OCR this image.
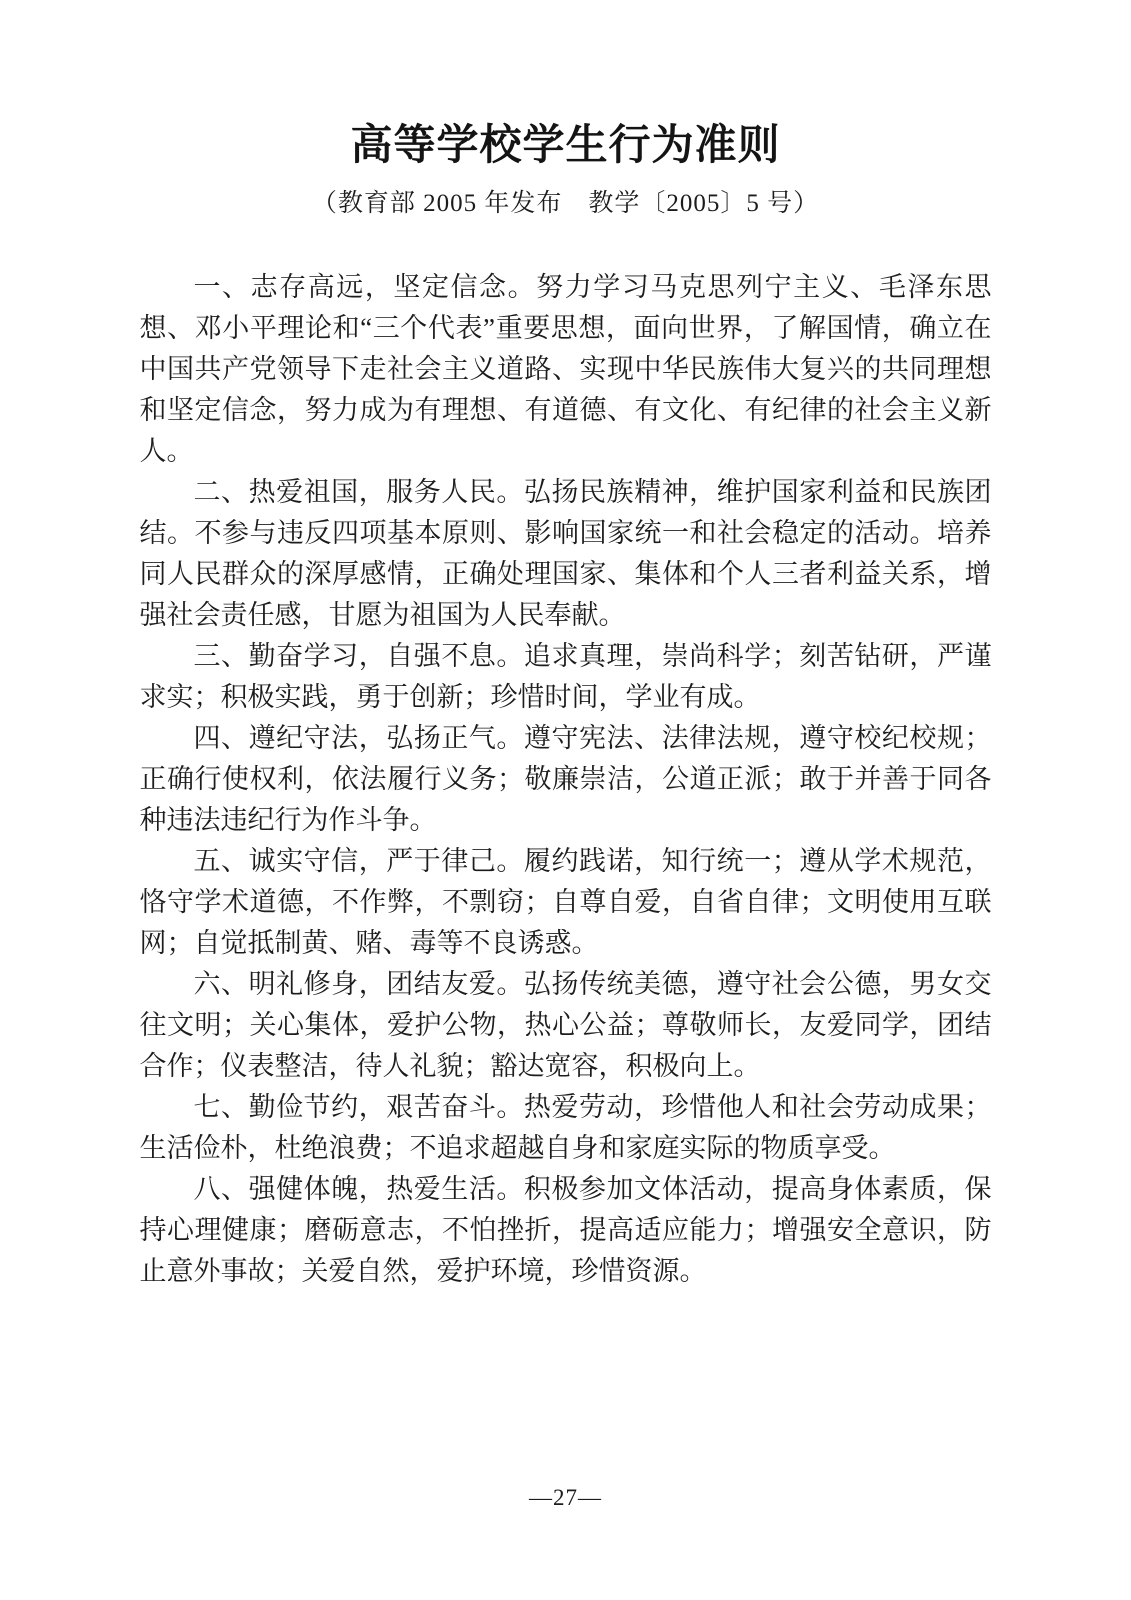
高等学校学生行为准则
（教育部 2005 年发布　教学〔2005〕5 号）

一、志存高远，坚定信念。努力学习马克思列宁主义、毛泽东思想、邓小平理论和“三个代表”重要思想，面向世界，了解国情，确立在中国共产党领导下走社会主义道路、实现中华民族伟大复兴的共同理想和坚定信念，努力成为有理想、有道德、有文化、有纪律的社会主义新人。

二、热爱祖国，服务人民。弘扬民族精神，维护国家利益和民族团结。不参与违反四项基本原则、影响国家统一和社会稳定的活动。培养同人民群众的深厚感情，正确处理国家、集体和个人三者利益关系，增强社会责任感，甘愿为祖国为人民奉献。

三、勤奋学习，自强不息。追求真理，崇尚科学；刻苦钻研，严谨求实；积极实践，勇于创新；珍惜时间，学业有成。

四、遵纪守法，弘扬正气。遵守宪法、法律法规，遵守校纪校规；正确行使权利，依法履行义务；敬廉崇洁，公道正派；敢于并善于同各种违法违纪行为作斗争。

五、诚实守信，严于律己。履约践诺，知行统一；遵从学术规范，恪守学术道德，不作弊，不剽窃；自尊自爱，自省自律；文明使用互联网；自觉抵制黄、赌、毒等不良诱惑。

六、明礼修身，团结友爱。弘扬传统美德，遵守社会公德，男女交往文明；关心集体，爱护公物，热心公益；尊敬师长，友爱同学，团结合作；仪表整洁，待人礼貌；豁达宽容，积极向上。

七、勤俭节约，艰苦奋斗。热爱劳动，珍惜他人和社会劳动成果；生活俭朴，杜绝浪费；不追求超越自身和家庭实际的物质享受。

八、强健体魄，热爱生活。积极参加文体活动，提高身体素质，保持心理健康；磨砺意志，不怕挫折，提高适应能力；增强安全意识，防止意外事故；关爱自然，爱护环境，珍惜资源。

—27—
